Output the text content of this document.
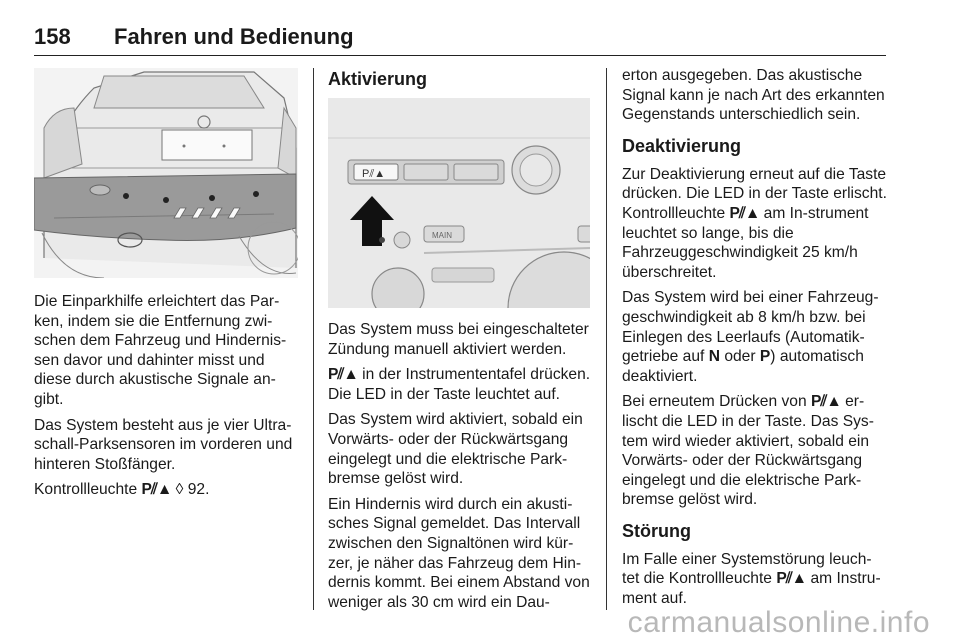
158 Fahren und Bedienung

Die Einparkhilfe erleichtert das Par-ken, indem sie die Entfernung zwi-schen dem Fahrzeug und Hindernis-sen davor und dahinter misst und diese durch akustische Signale an-gibt.

Das System besteht aus je vier Ultra-schall-Parksensoren im vorderen und hinteren Stoßfänger.

Kontrollleuchte P⫽▲ ◊ 92.

Aktivierung
P⫽▲
MAIN

Das System muss bei eingeschalteter Zündung manuell aktiviert werden.

P⫽▲ in der Instrumententafel drücken. Die LED in der Taste leuchtet auf.

Das System wird aktiviert, sobald ein Vorwärts- oder der Rückwärtsgang eingelegt und die elektrische Park-bremse gelöst wird.

Ein Hindernis wird durch ein akusti-sches Signal gemeldet. Das Intervall zwischen den Signaltönen wird kür-zer, je näher das Fahrzeug dem Hin-dernis kommt. Bei einem Abstand von weniger als 30 cm wird ein Dau-

erton ausgegeben. Das akustische Signal kann je nach Art des erkannten Gegenstands unterschiedlich sein.

Deaktivierung

Zur Deaktivierung erneut auf die Taste drücken. Die LED in der Taste erlischt. Kontrollleuchte P⫽▲ am In-strument leuchtet so lange, bis die Fahrzeuggeschwindigkeit 25 km/h überschreitet.

Das System wird bei einer Fahrzeug-geschwindigkeit ab 8 km/h bzw. bei Einlegen des Leerlaufs (Automatik-getriebe auf N oder P) automatisch deaktiviert.

Bei erneutem Drücken von P⫽▲ er-lischt die LED in der Taste. Das Sys-tem wird wieder aktiviert, sobald ein Vorwärts- oder der Rückwärtsgang eingelegt und die elektrische Park-bremse gelöst wird.

Störung

Im Falle einer Systemstörung leuch-tet die Kontrollleuchte P⫽▲ am Instru-ment auf.

carmanualsonline.info
